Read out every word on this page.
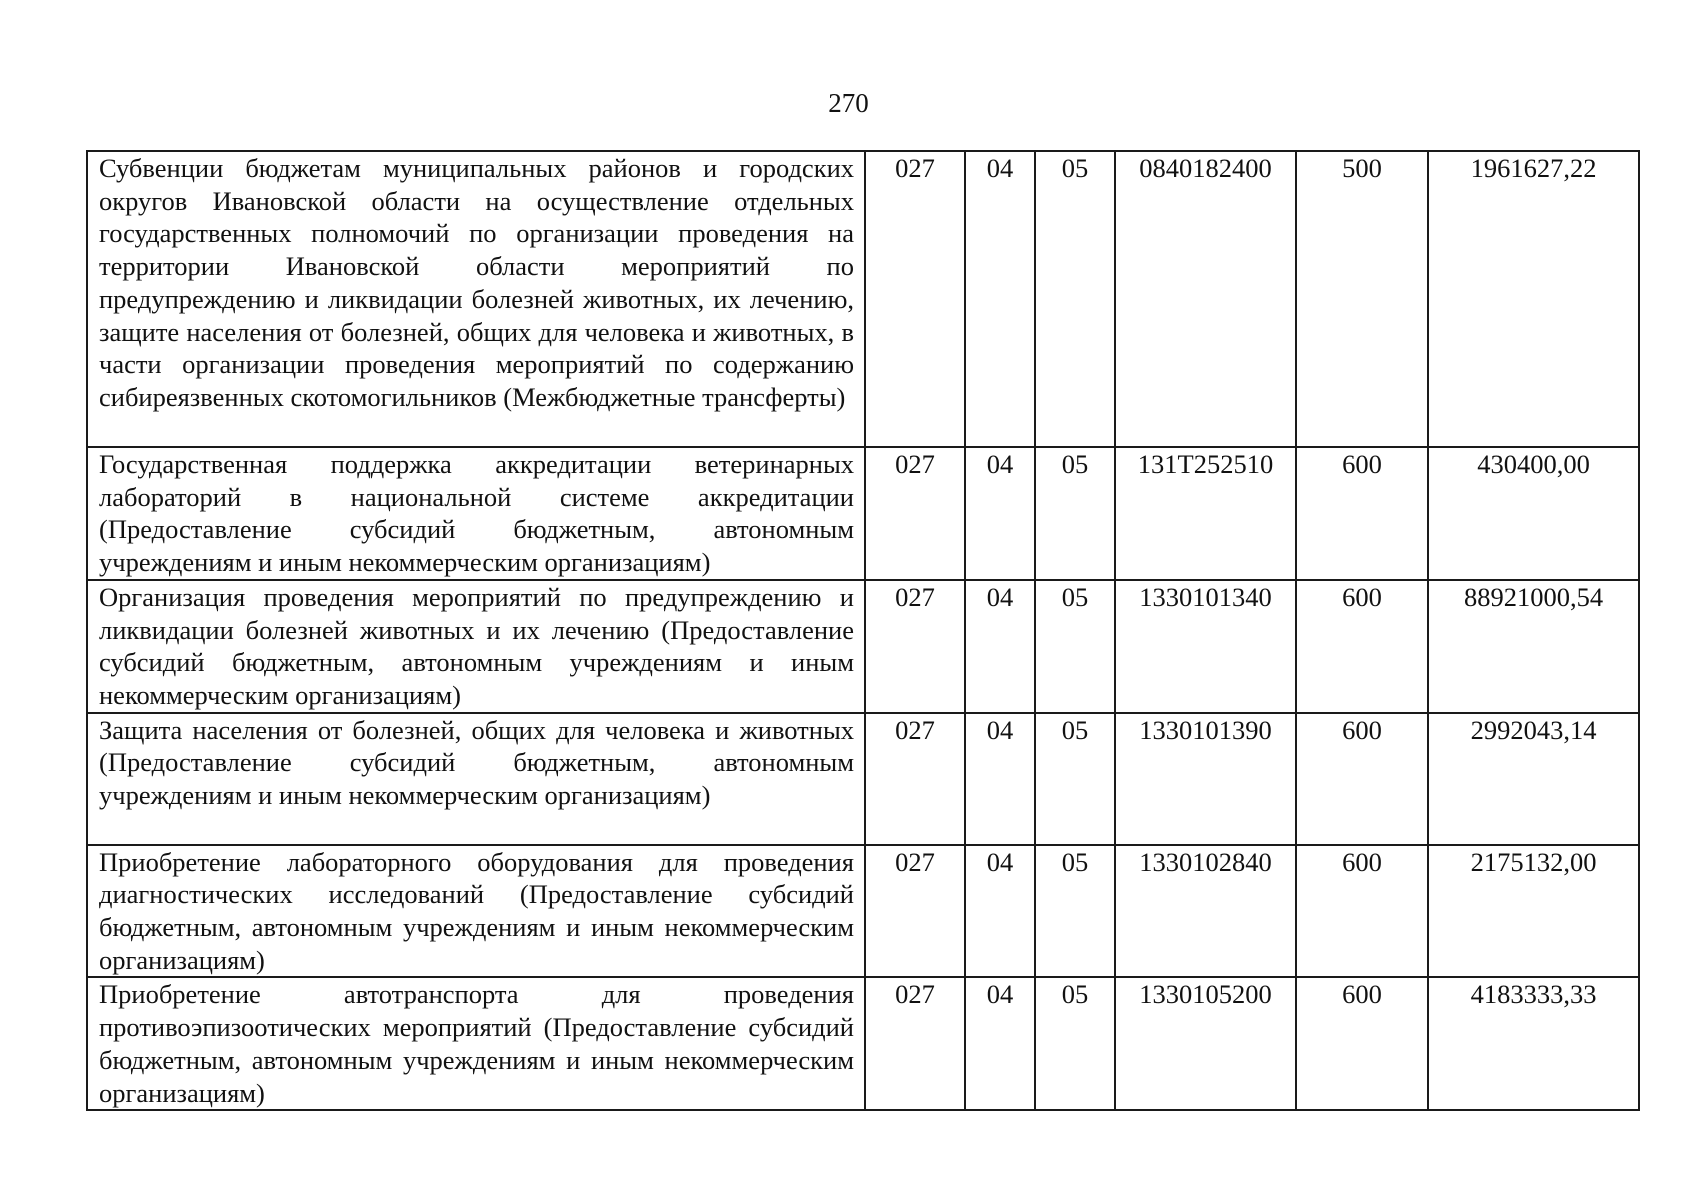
270
Субвенции бюджетам муниципальных районов и городских округов Ивановской области на осуществление отдельных государственных полномочий по организации проведения на территории Ивановской области мероприятий по предупреждению и ликвидации болезней животных, их лечению, защите населения от болезней, общих для человека и животных, в части организации проведения мероприятий по содержанию сибиреязвенных скотомогильников (Межбюджетные трансферты)	027	04	05	0840182400	500	1961627,22
Государственная поддержка аккредитации ветеринарных лабораторий в национальной системе аккредитации (Предоставление субсидий бюджетным, автономным учреждениям и иным некоммерческим организациям)	027	04	05	131T252510	600	430400,00
Организация проведения мероприятий по предупреждению и ликвидации болезней животных и их лечению (Предоставление субсидий бюджетным, автономным учреждениям и иным некоммерческим организациям)	027	04	05	1330101340	600	88921000,54
Защита населения от болезней, общих для человека и животных (Предоставление субсидий бюджетным, автономным учреждениям и иным некоммерческим организациям)	027	04	05	1330101390	600	2992043,14
Приобретение лабораторного оборудования для проведения диагностических исследований (Предоставление субсидий бюджетным, автономным учреждениям и иным некоммерческим организациям)	027	04	05	1330102840	600	2175132,00
Приобретение автотранспорта для проведения противоэпизоотических мероприятий (Предоставление субсидий бюджетным, автономным учреждениям и иным некоммерческим организациям)	027	04	05	1330105200	600	4183333,33
